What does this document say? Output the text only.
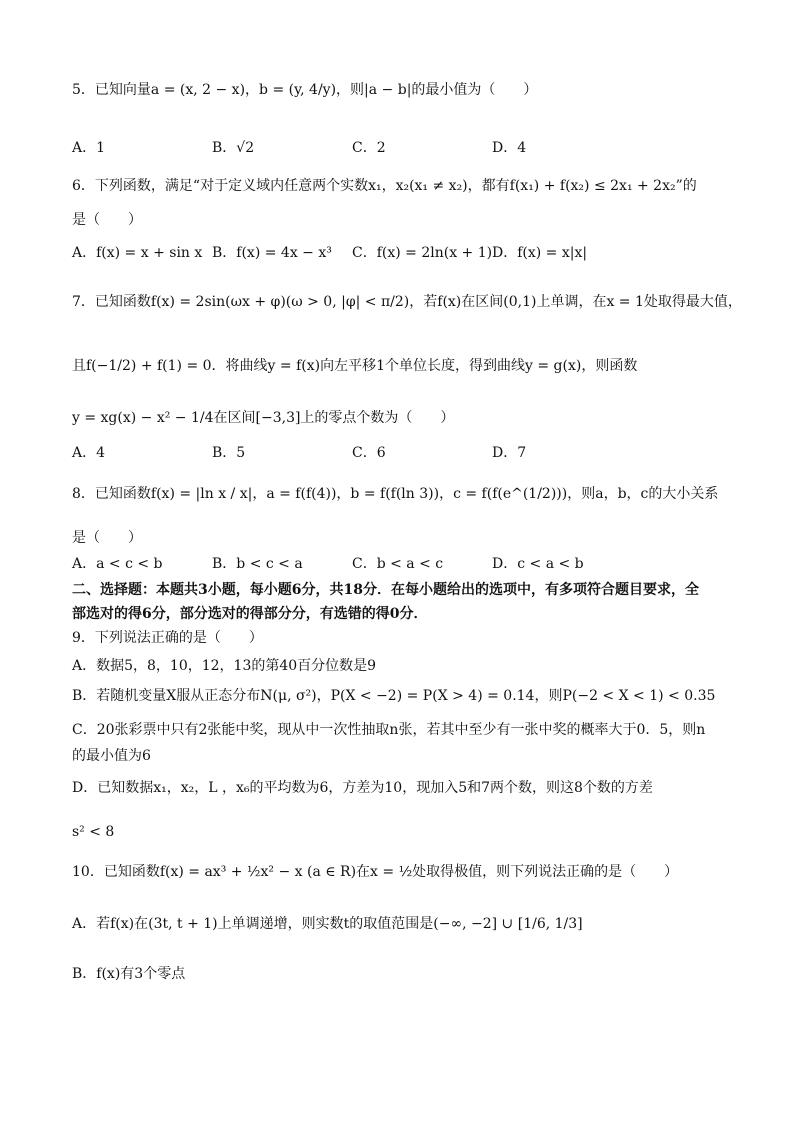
5．已知向量a = (x, 2 − x)，b = (y, 4/y)，则|a − b|的最小值为（　　）
A．1	B．√2	C．2	D．4
6．下列函数，满足“对于定义域内任意两个实数x₁，x₂(x₁ ≠ x₂)，都有f(x₁) + f(x₂) ≤ 2x₁ + 2x₂”的
是（　　）
A．f(x) = x + sin x B．f(x) = 4x − x³ C．f(x) = 2ln(x + 1) D．f(x) = x|x|
7．已知函数f(x) = 2sin(ωx + φ)(ω > 0, |φ| < π/2)，若f(x)在区间(0,1)上单调，在x = 1处取得最大值，
且f(−1/2) + f(1) = 0．将曲线y = f(x)向左平移1个单位长度，得到曲线y = g(x)，则函数
y = xg(x) − x² − 1/4在区间[−3,3]上的零点个数为（　　）
A．4	B．5	C．6	D．7
8．已知函数f(x) = |ln x / x|，a = f(f(4))，b = f(f(ln 3))，c = f(f(e^(1/2)))，则a，b，c的大小关系
是（　　）
A．a < c < b	B．b < c < a	C．b < a < c	D．c < a < b
二、选择题：本题共3小题，每小题6分，共18分．在每小题给出的选项中，有多项符合题目要求，全
部选对的得6分，部分选对的得部分分，有选错的得0分．
9．下列说法正确的是（　　）
A．数据5，8，10，12，13的第40百分位数是9
B．若随机变量X服从正态分布N(μ, σ²)，P(X < −2) = P(X > 4) = 0.14，则P(−2 < X < 1) < 0.35
C．20张彩票中只有2张能中奖，现从中一次性抽取n张，若其中至少有一张中奖的概率大于0．5，则n
的最小值为6
D．已知数据x₁，x₂，L ，x₆的平均数为6，方差为10，现加入5和7两个数，则这8个数的方差
s² < 8
10．已知函数f(x) = ax³ + ½x² − x (a ∈ R)在x = ½处取得极值，则下列说法正确的是（　　）
A．若f(x)在(3t, t + 1)上单调递增，则实数t的取值范围是(−∞, −2] ∪ [1/6, 1/3]
B．f(x)有3个零点
